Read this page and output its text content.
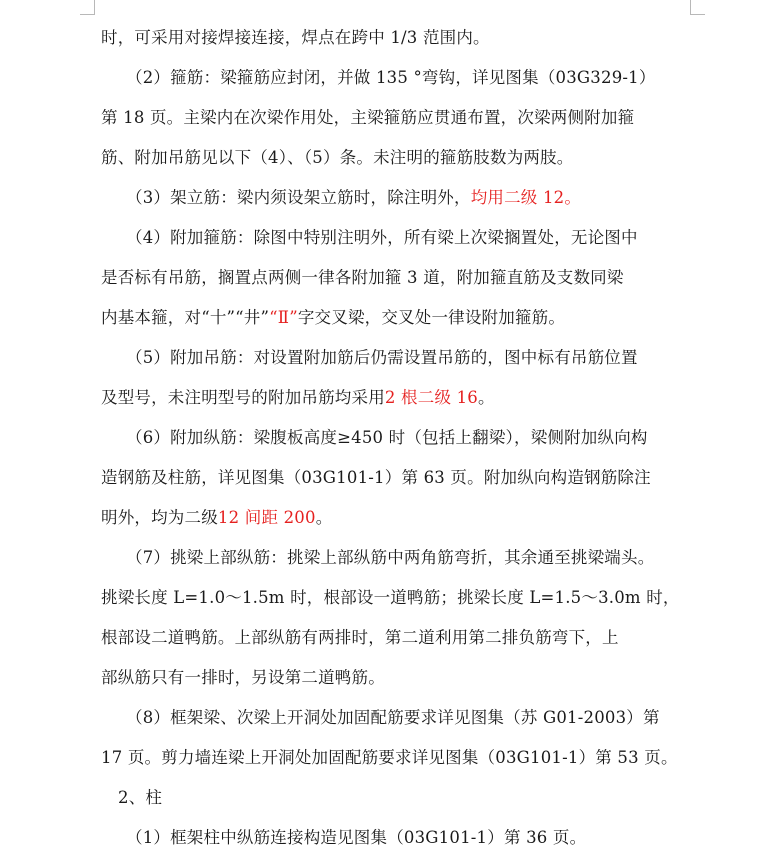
时，可采用对接焊接连接，焊点在跨中 1/3 范围内。
（2）箍筋：梁箍筋应封闭，并做 135 °弯钩，详见图集（03G329-1）
第 18 页。主梁内在次梁作用处，主梁箍筋应贯通布置，次梁两侧附加箍
筋、附加吊筋见以下（4）、（5）条。未注明的箍筋肢数为两肢。
（3）架立筋：梁内须设架立筋时，除注明外，均用二级 12。
（4）附加箍筋：除图中特别注明外，所有梁上次梁搁置处，无论图中
是否标有吊筋，搁置点两侧一律各附加箍 3 道，附加箍直筋及支数同梁
内基本箍，对“十”“井”“Ⅱ”字交叉梁，交叉处一律设附加箍筋。
（5）附加吊筋：对设置附加筋后仍需设置吊筋的，图中标有吊筋位置
及型号，未注明型号的附加吊筋均采用2 根二级 16。
（6）附加纵筋：梁腹板高度≥450 时（包括上翻梁），梁侧附加纵向构
造钢筋及柱筋，详见图集（03G101-1）第 63 页。附加纵向构造钢筋除注
明外，均为二级12 间距 200。
（7）挑梁上部纵筋：挑梁上部纵筋中两角筋弯折，其余通至挑梁端头。
挑梁长度 L=1.0～1.5m 时，根部设一道鸭筋；挑梁长度 L=1.5～3.0m 时，
根部设二道鸭筋。上部纵筋有两排时，第二道利用第二排负筋弯下，上
部纵筋只有一排时，另设第二道鸭筋。
（8）框架梁、次梁上开洞处加固配筋要求详见图集（苏 G01-2003）第
17 页。剪力墙连梁上开洞处加固配筋要求详见图集（03G101-1）第 53 页。
2、柱
（1）框架柱中纵筋连接构造见图集（03G101-1）第 36 页。
